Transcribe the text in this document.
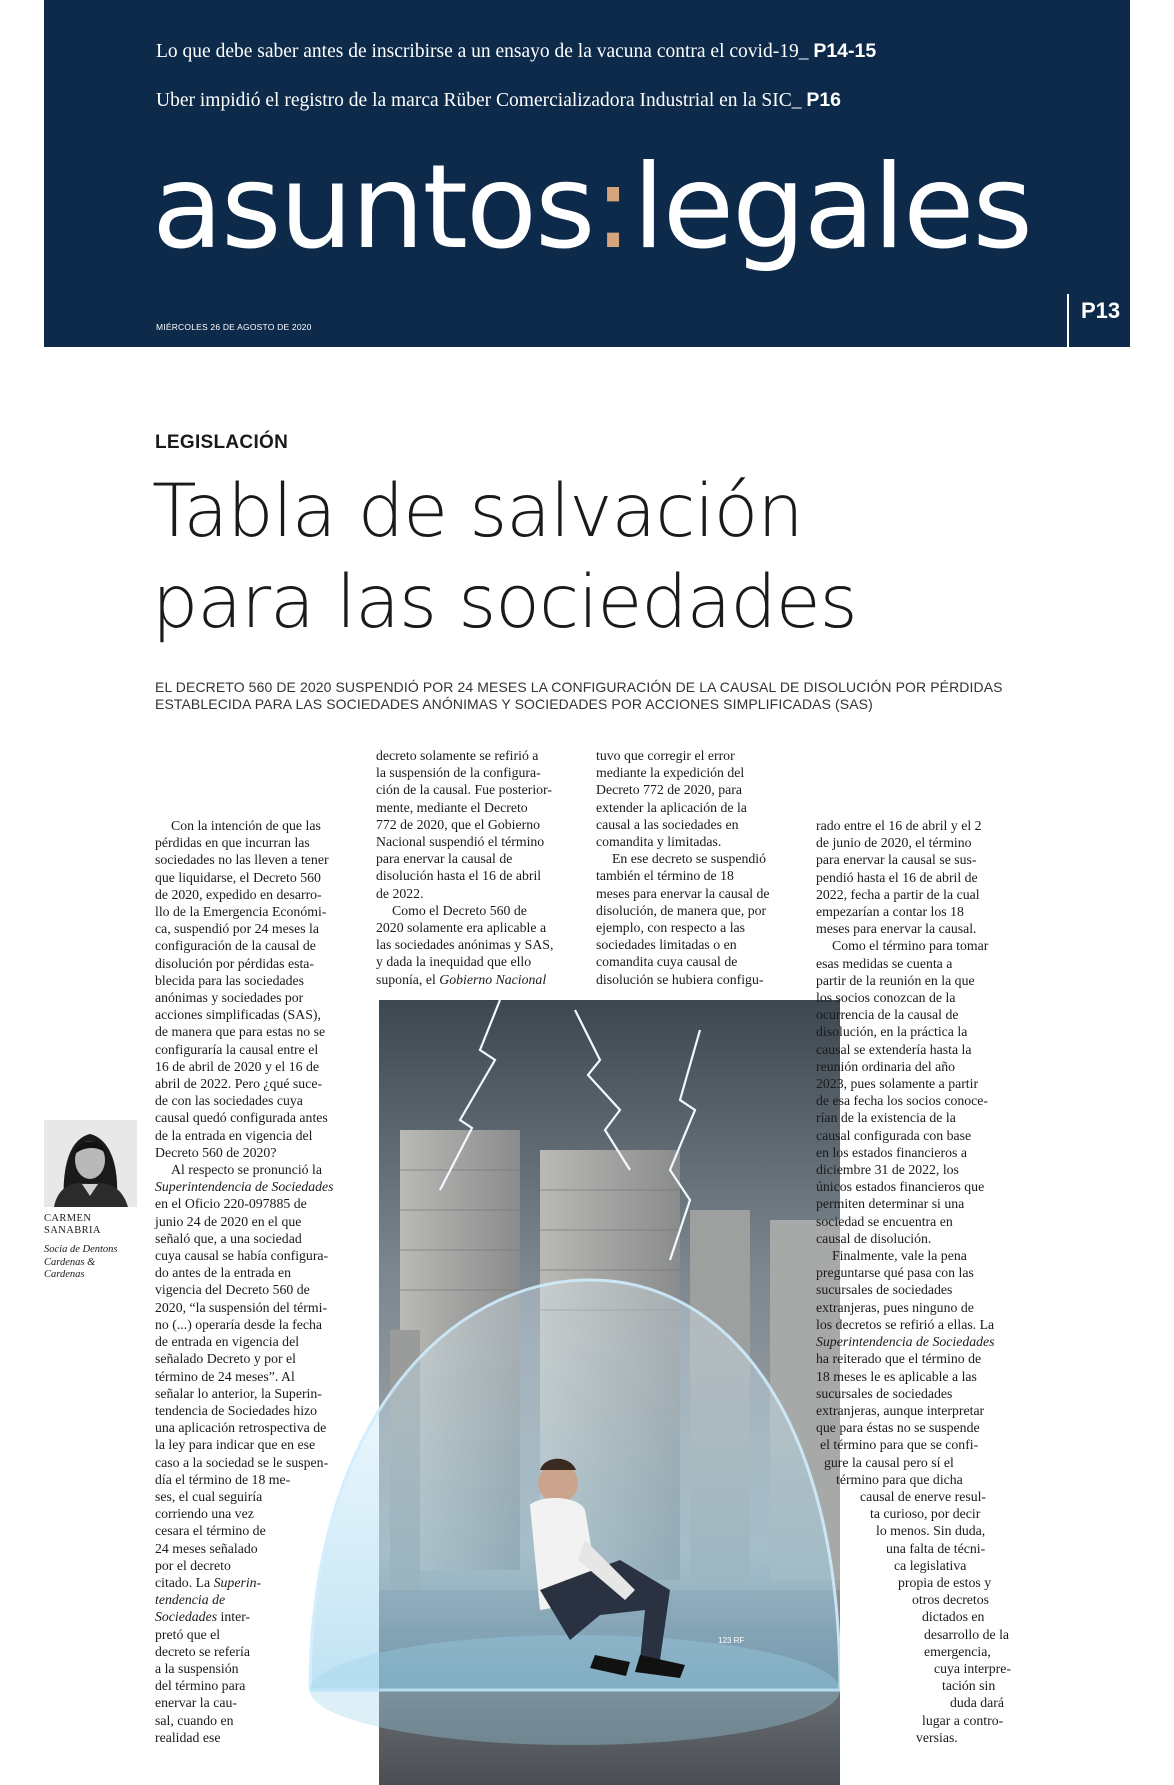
Lo que debe saber antes de inscribirse a un ensayo de la vacuna contra el covid-19_ P14-15
Uber impidió el registro de la marca Rüber Comercializadora Industrial en la SIC_ P16
asuntos:legales
MIÉRCOLES 26 DE AGOSTO DE 2020
P13
LEGISLACIÓN
Tabla de salvación
para las sociedades
EL DECRETO 560 DE 2020 SUSPENDIÓ POR 24 MESES LA CONFIGURACIÓN DE LA CAUSAL DE DISOLUCIÓN POR PÉRDIDAS
ESTABLECIDA PARA LAS SOCIEDADES ANÓNIMAS Y SOCIEDADES POR ACCIONES SIMPLIFICADAS (SAS)
CARMEN
SANABRIA
Socia de Dentons
Cardenas &
Cardenas
123 RF
Con la intención de que las
pérdidas en que incurran las
sociedades no las lleven a tener
que liquidarse, el Decreto 560
de 2020, expedido en desarro-
llo de la Emergencia Económi-
ca, suspendió por 24 meses la
configuración de la causal de
disolución por pérdidas esta-
blecida para las sociedades
anónimas y sociedades por
acciones simplificadas (SAS),
de manera que para estas no se
configuraría la causal entre el
16 de abril de 2020 y el 16 de
abril de 2022. Pero ¿qué suce-
de con las sociedades cuya
causal quedó configurada antes
de la entrada en vigencia del
Decreto 560 de 2020?
Al respecto se pronunció la
Superintendencia de Sociedades
en el Oficio 220-097885 de
junio 24 de 2020 en el que
señaló que, a una sociedad
cuya causal se había configura-
do antes de la entrada en
vigencia del Decreto 560 de
2020, “la suspensión del térmi-
no (...) operaría desde la fecha
de entrada en vigencia del
señalado Decreto y por el
término de 24 meses”. Al
señalar lo anterior, la Superin-
tendencia de Sociedades hizo
una aplicación retrospectiva de
la ley para indicar que en ese
caso a la sociedad se le suspen-
día el término de 18 me-
ses, el cual seguiría
corriendo una vez
cesara el término de
24 meses señalado
por el decreto
citado. La Superin-
tendencia de
Sociedades inter-
pretó que el
decreto se refería
a la suspensión
del término para
enervar la cau-
sal, cuando en
realidad ese
decreto solamente se refirió a
la suspensión de la configura-
ción de la causal. Fue posterior-
mente, mediante el Decreto
772 de 2020, que el Gobierno
Nacional suspendió el término
para enervar la causal de
disolución hasta el 16 de abril
de 2022.
Como el Decreto 560 de
2020 solamente era aplicable a
las sociedades anónimas y SAS,
y dada la inequidad que ello
suponía, el Gobierno Nacional
tuvo que corregir el error
mediante la expedición del
Decreto 772 de 2020, para
extender la aplicación de la
causal a las sociedades en
comandita y limitadas.
En ese decreto se suspendió
también el término de 18
meses para enervar la causal de
disolución, de manera que, por
ejemplo, con respecto a las
sociedades limitadas o en
comandita cuya causal de
disolución se hubiera configu-
rado entre el 16 de abril y el 2
de junio de 2020, el término
para enervar la causal se sus-
pendió hasta el 16 de abril de
2022, fecha a partir de la cual
empezarían a contar los 18
meses para enervar la causal.
Como el término para tomar
esas medidas se cuenta a
partir de la reunión en la que
los socios conozcan de la
ocurrencia de la causal de
disolución, en la práctica la
causal se extendería hasta la
reunión ordinaria del año
2023, pues solamente a partir
de esa fecha los socios conoce-
rían de la existencia de la
causal configurada con base
en los estados financieros a
diciembre 31 de 2022, los
únicos estados financieros que
permiten determinar si una
sociedad se encuentra en
causal de disolución.
Finalmente, vale la pena
preguntarse qué pasa con las
sucursales de sociedades
extranjeras, pues ninguno de
los decretos se refirió a ellas. La
Superintendencia de Sociedades
ha reiterado que el término de
18 meses le es aplicable a las
sucursales de sociedades
extranjeras, aunque interpretar
que para éstas no se suspende
el término para que se confi-
gure la causal pero sí el
término para que dicha
causal de enerve resul-
ta curioso, por decir
lo menos. Sin duda,
una falta de técni-
ca legislativa
propia de estos y
otros decretos
dictados en
desarrollo de la
emergencia,
cuya interpre-
tación sin
duda dará
lugar a contro-
versias.
